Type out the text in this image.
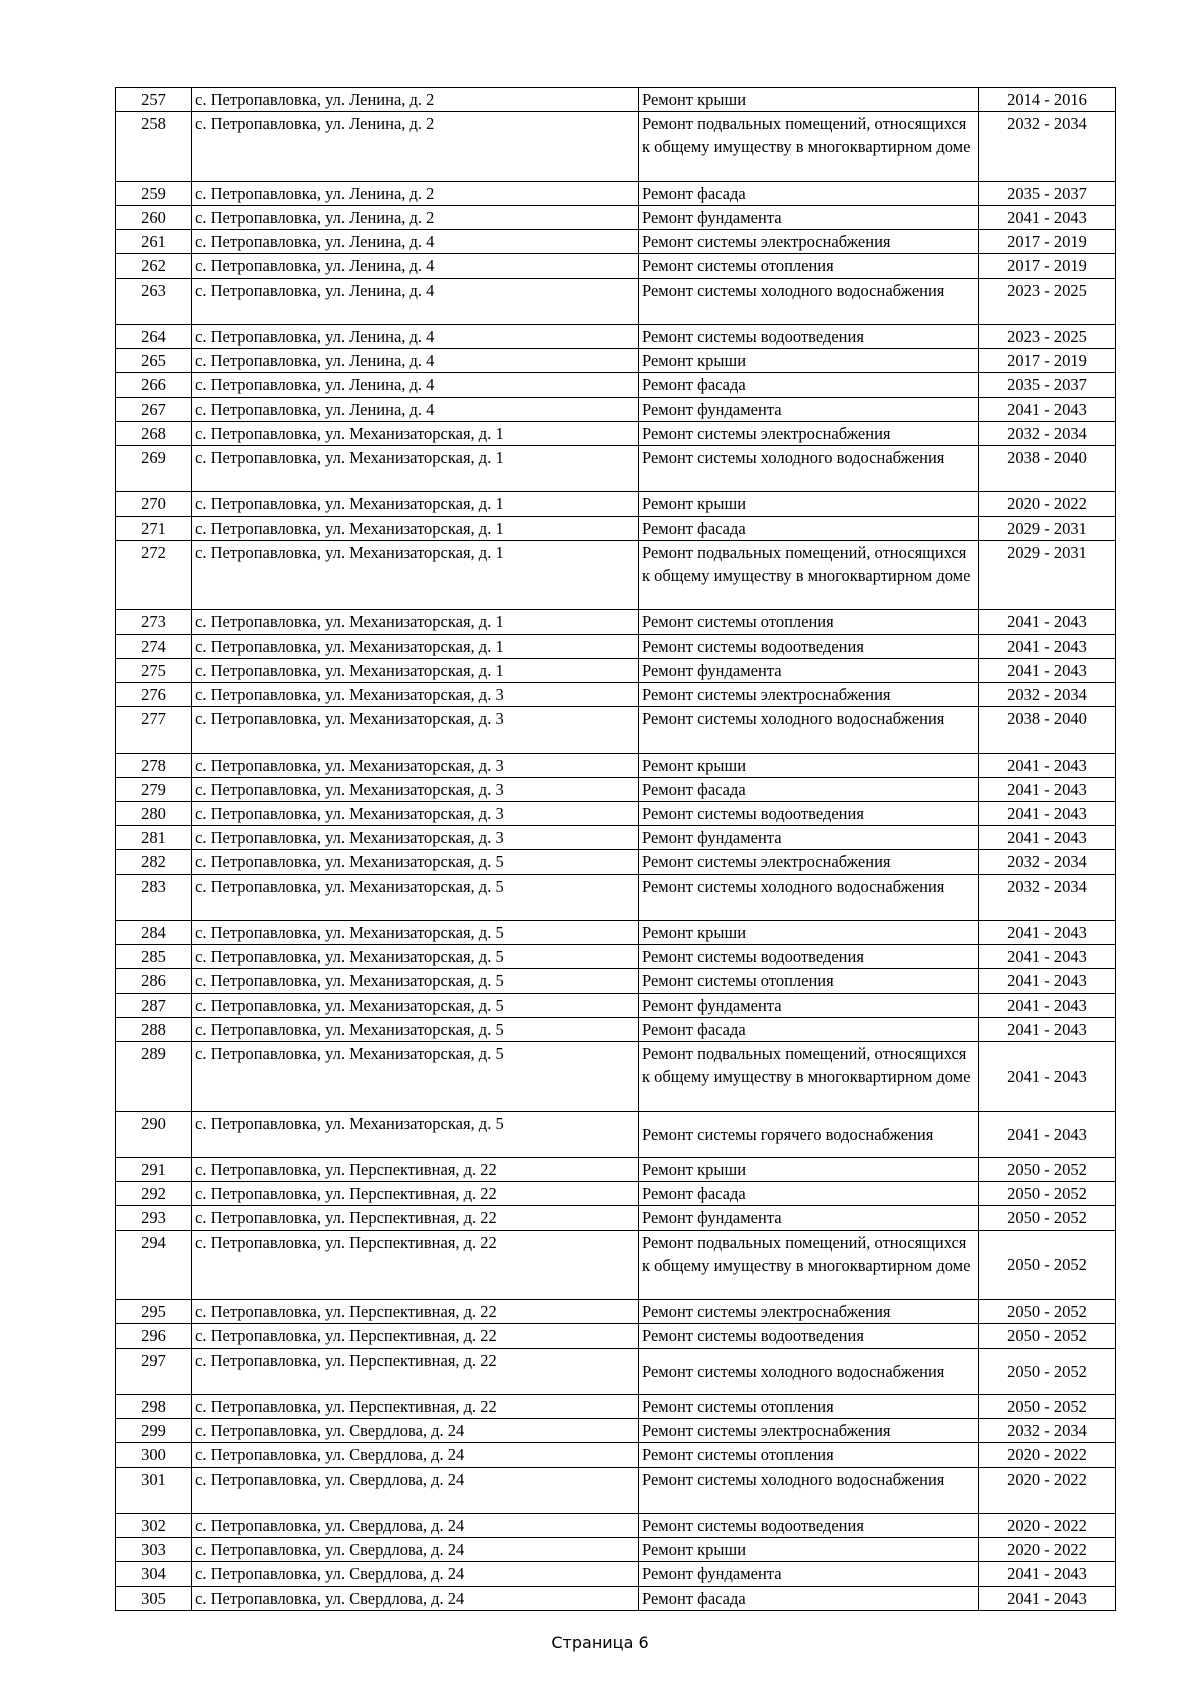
257	с. Петропавловка, ул. Ленина, д. 2	Ремонт крыши	2014 - 2016
258	с. Петропавловка, ул. Ленина, д. 2	Ремонт подвальных помещений, относящихся к общему имуществу в многоквартирном доме	2032 - 2034
259	с. Петропавловка, ул. Ленина, д. 2	Ремонт фасада	2035 - 2037
260	с. Петропавловка, ул. Ленина, д. 2	Ремонт фундамента	2041 - 2043
261	с. Петропавловка, ул. Ленина, д. 4	Ремонт системы электроснабжения	2017 - 2019
262	с. Петропавловка, ул. Ленина, д. 4	Ремонт системы отопления	2017 - 2019
263	с. Петропавловка, ул. Ленина, д. 4	Ремонт системы холодного водоснабжения	2023 - 2025
264	с. Петропавловка, ул. Ленина, д. 4	Ремонт системы водоотведения	2023 - 2025
265	с. Петропавловка, ул. Ленина, д. 4	Ремонт крыши	2017 - 2019
266	с. Петропавловка, ул. Ленина, д. 4	Ремонт фасада	2035 - 2037
267	с. Петропавловка, ул. Ленина, д. 4	Ремонт фундамента	2041 - 2043
268	с. Петропавловка, ул. Механизаторская, д. 1	Ремонт системы электроснабжения	2032 - 2034
269	с. Петропавловка, ул. Механизаторская, д. 1	Ремонт системы холодного водоснабжения	2038 - 2040
270	с. Петропавловка, ул. Механизаторская, д. 1	Ремонт крыши	2020 - 2022
271	с. Петропавловка, ул. Механизаторская, д. 1	Ремонт фасада	2029 - 2031
272	с. Петропавловка, ул. Механизаторская, д. 1	Ремонт подвальных помещений, относящихся к общему имуществу в многоквартирном доме	2029 - 2031
273	с. Петропавловка, ул. Механизаторская, д. 1	Ремонт системы отопления	2041 - 2043
274	с. Петропавловка, ул. Механизаторская, д. 1	Ремонт системы водоотведения	2041 - 2043
275	с. Петропавловка, ул. Механизаторская, д. 1	Ремонт фундамента	2041 - 2043
276	с. Петропавловка, ул. Механизаторская, д. 3	Ремонт системы электроснабжения	2032 - 2034
277	с. Петропавловка, ул. Механизаторская, д. 3	Ремонт системы холодного водоснабжения	2038 - 2040
278	с. Петропавловка, ул. Механизаторская, д. 3	Ремонт крыши	2041 - 2043
279	с. Петропавловка, ул. Механизаторская, д. 3	Ремонт фасада	2041 - 2043
280	с. Петропавловка, ул. Механизаторская, д. 3	Ремонт системы водоотведения	2041 - 2043
281	с. Петропавловка, ул. Механизаторская, д. 3	Ремонт фундамента	2041 - 2043
282	с. Петропавловка, ул. Механизаторская, д. 5	Ремонт системы электроснабжения	2032 - 2034
283	с. Петропавловка, ул. Механизаторская, д. 5	Ремонт системы холодного водоснабжения	2032 - 2034
284	с. Петропавловка, ул. Механизаторская, д. 5	Ремонт крыши	2041 - 2043
285	с. Петропавловка, ул. Механизаторская, д. 5	Ремонт системы водоотведения	2041 - 2043
286	с. Петропавловка, ул. Механизаторская, д. 5	Ремонт системы отопления	2041 - 2043
287	с. Петропавловка, ул. Механизаторская, д. 5	Ремонт фундамента	2041 - 2043
288	с. Петропавловка, ул. Механизаторская, д. 5	Ремонт фасада	2041 - 2043
289	с. Петропавловка, ул. Механизаторская, д. 5	Ремонт подвальных помещений, относящихся к общему имуществу в многоквартирном доме	2041 - 2043
290	с. Петропавловка, ул. Механизаторская, д. 5	Ремонт системы горячего водоснабжения	2041 - 2043
291	с. Петропавловка, ул. Перспективная, д. 22	Ремонт крыши	2050 - 2052
292	с. Петропавловка, ул. Перспективная, д. 22	Ремонт фасада	2050 - 2052
293	с. Петропавловка, ул. Перспективная, д. 22	Ремонт фундамента	2050 - 2052
294	с. Петропавловка, ул. Перспективная, д. 22	Ремонт подвальных помещений, относящихся к общему имуществу в многоквартирном доме	2050 - 2052
295	с. Петропавловка, ул. Перспективная, д. 22	Ремонт системы электроснабжения	2050 - 2052
296	с. Петропавловка, ул. Перспективная, д. 22	Ремонт системы водоотведения	2050 - 2052
297	с. Петропавловка, ул. Перспективная, д. 22	Ремонт системы холодного водоснабжения	2050 - 2052
298	с. Петропавловка, ул. Перспективная, д. 22	Ремонт системы отопления	2050 - 2052
299	с. Петропавловка, ул. Свердлова, д. 24	Ремонт системы электроснабжения	2032 - 2034
300	с. Петропавловка, ул. Свердлова, д. 24	Ремонт системы отопления	2020 - 2022
301	с. Петропавловка, ул. Свердлова, д. 24	Ремонт системы холодного водоснабжения	2020 - 2022
302	с. Петропавловка, ул. Свердлова, д. 24	Ремонт системы водоотведения	2020 - 2022
303	с. Петропавловка, ул. Свердлова, д. 24	Ремонт крыши	2020 - 2022
304	с. Петропавловка, ул. Свердлова, д. 24	Ремонт фундамента	2041 - 2043
305	с. Петропавловка, ул. Свердлова, д. 24	Ремонт фасада	2041 - 2043
Страница 6
